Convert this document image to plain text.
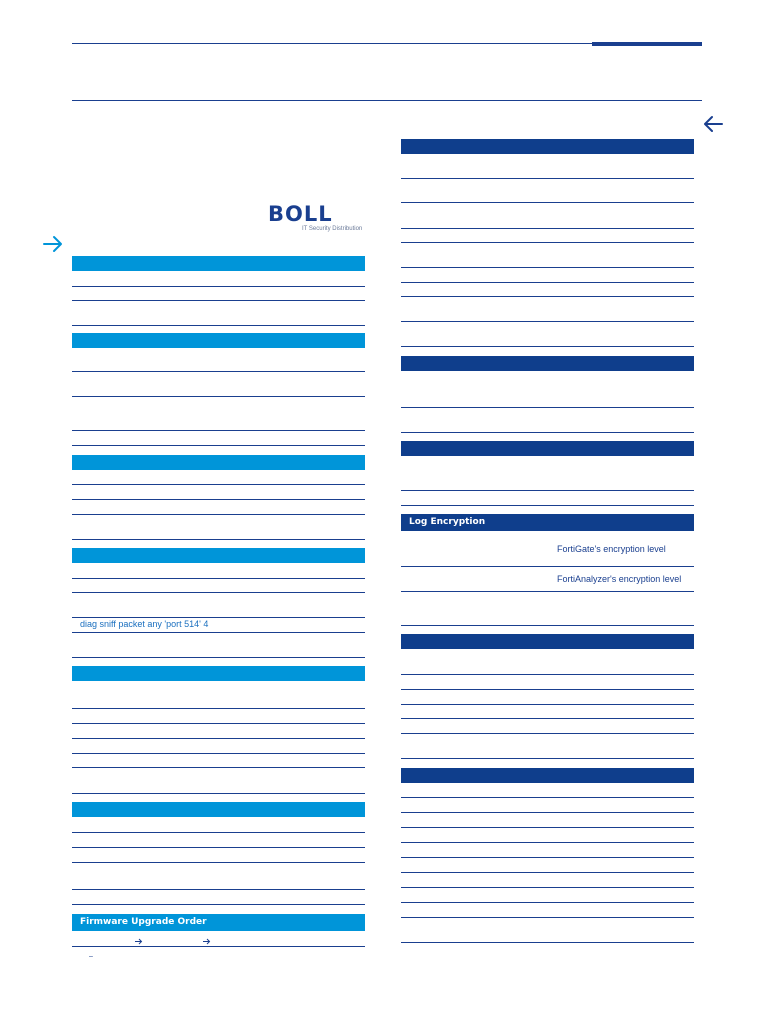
BOLL
IT Security Distribution
diag sniff packet any 'port 514' 4
Firmware Upgrade Order
–
Log Encryption
FortiGate's encryption level
FortiAnalyzer's encryption level
